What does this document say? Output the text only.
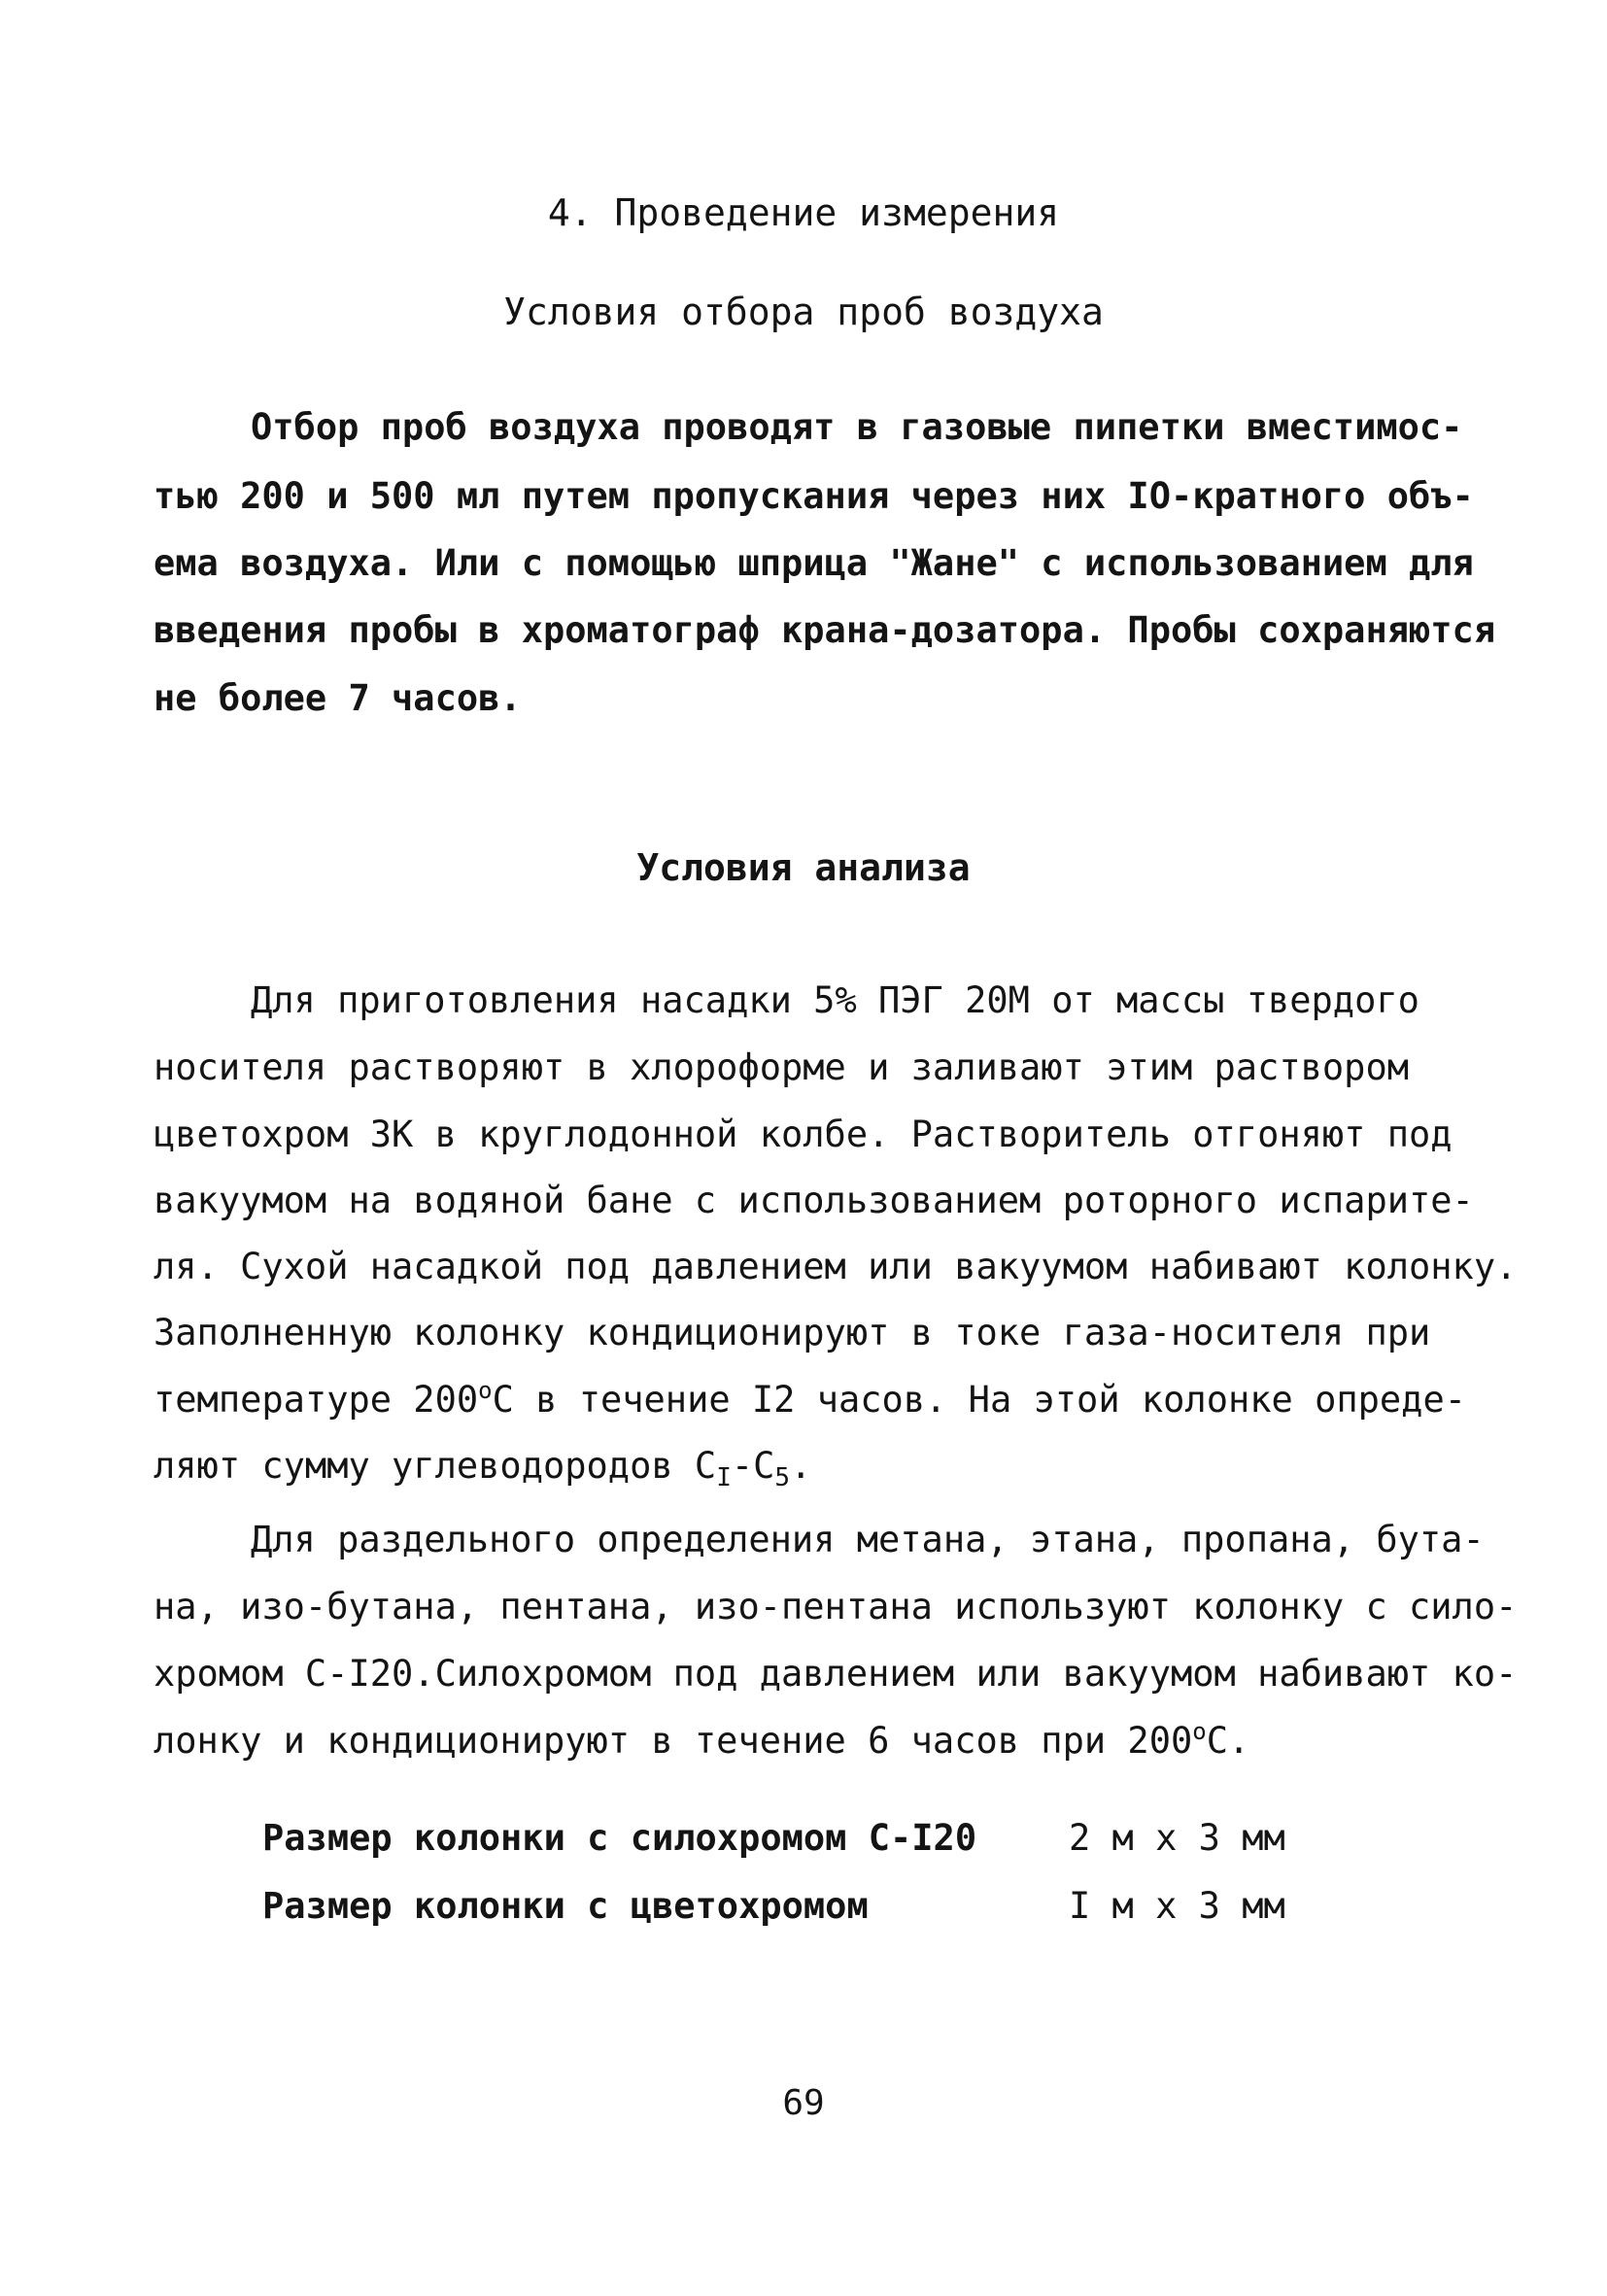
4. Проведение измерения
Условия отбора проб воздуха
Отбор проб воздуха проводят в газовые пипетки вместимос-
тью 200 и 500 мл путем пропускания через них IO-кратного объ-
ема воздуха. Или с помощью шприца "Жане" с использованием для
введения пробы в хроматограф крана-дозатора. Пробы сохраняются
не более 7 часов.
Условия анализа
Для приготовления насадки 5% ПЭГ 20М от массы твердого
носителя растворяют в хлороформе и заливают этим раствором
цветохром 3К в круглодонной колбе. Растворитель отгоняют под
вакуумом на водяной бане с использованием роторного испарите-
ля. Сухой насадкой под давлением или вакуумом набивают колонку.
Заполненную колонку кондиционируют в токе газа-носителя при
температуре $200^оС$ в течение I2 часов. На этой колонке опреде-
ляют сумму углеводородов $С_I-С_5$.
Для раздельного определения метана, этана, пропана, бута-
на, изо-бутана, пентана, изо-пентана используют колонку с сило-
хромом С-I20.Силохромом под давлением или вакуумом набивают ко-
лонку и кондиционируют в течение 6 часов при $200^оС$.
Размер колонки с силохромом С-I20	2 м x 3 мм
Размер колонки с цветохромом	I м x 3 мм
69
